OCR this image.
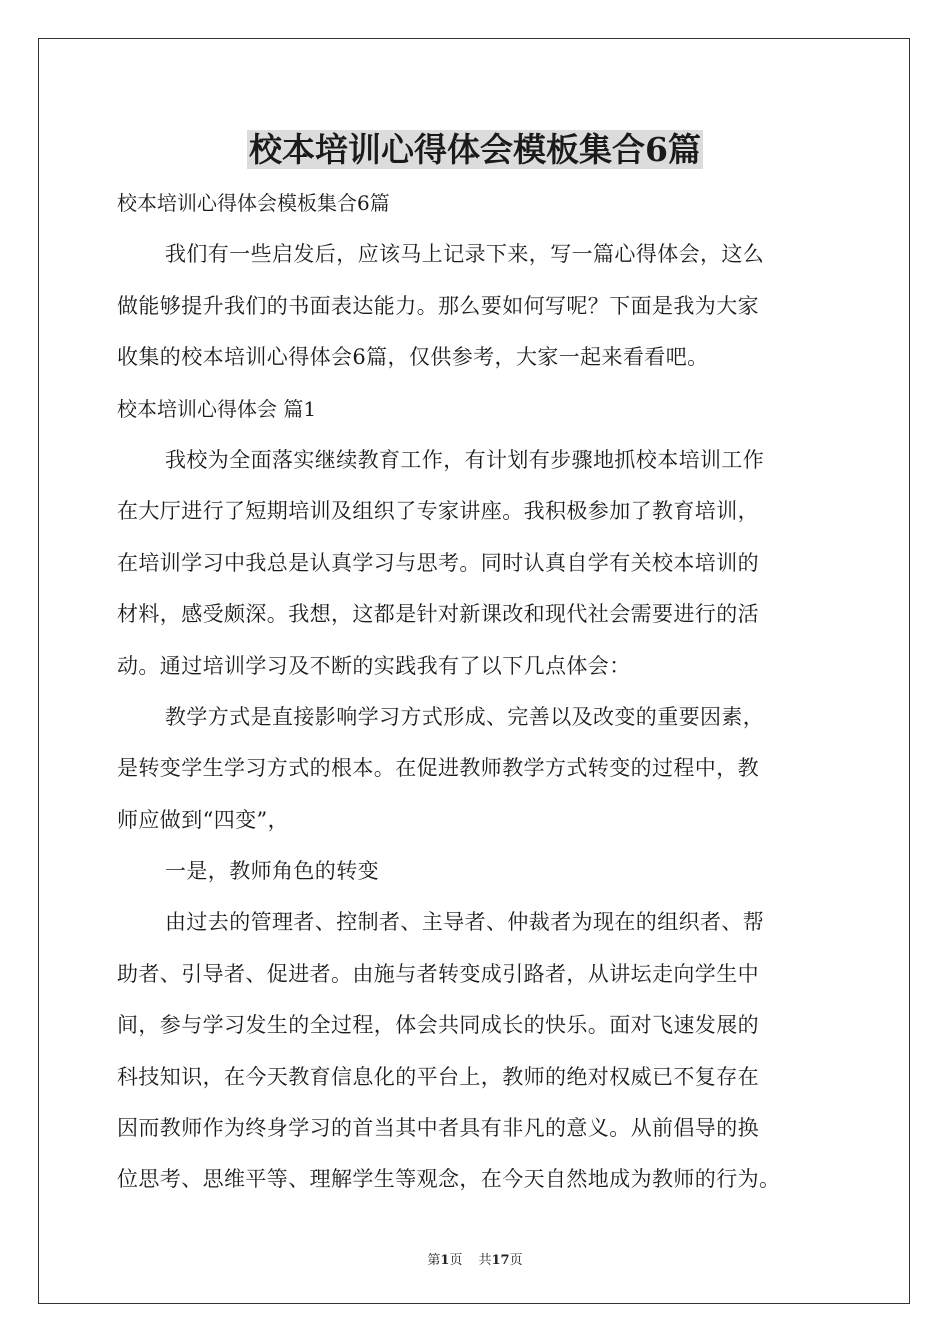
校本培训心得体会模板集合6篇
校本培训心得体会模板集合6篇
我们有一些启发后，应该马上记录下来，写一篇心得体会，这么
做能够提升我们的书面表达能力。那么要如何写呢？下面是我为大家
收集的校本培训心得体会6篇，仅供参考，大家一起来看看吧。
校本培训心得体会 篇1
我校为全面落实继续教育工作，有计划有步骤地抓校本培训工作
在大厅进行了短期培训及组织了专家讲座。我积极参加了教育培训，
在培训学习中我总是认真学习与思考。同时认真自学有关校本培训的
材料，感受颇深。我想，这都是针对新课改和现代社会需要进行的活
动。通过培训学习及不断的实践我有了以下几点体会：
教学方式是直接影响学习方式形成、完善以及改变的重要因素，
是转变学生学习方式的根本。在促进教师教学方式转变的过程中，教
师应做到“四变”，
一是，教师角色的转变
由过去的管理者、控制者、主导者、仲裁者为现在的组织者、帮
助者、引导者、促进者。由施与者转变成引路者，从讲坛走向学生中
间，参与学习发生的全过程，体会共同成长的快乐。面对飞速发展的
科技知识，在今天教育信息化的平台上，教师的绝对权威已不复存在
因而教师作为终身学习的首当其中者具有非凡的意义。从前倡导的换
位思考、思维平等、理解学生等观念，在今天自然地成为教师的行为。
第1页 共17页
